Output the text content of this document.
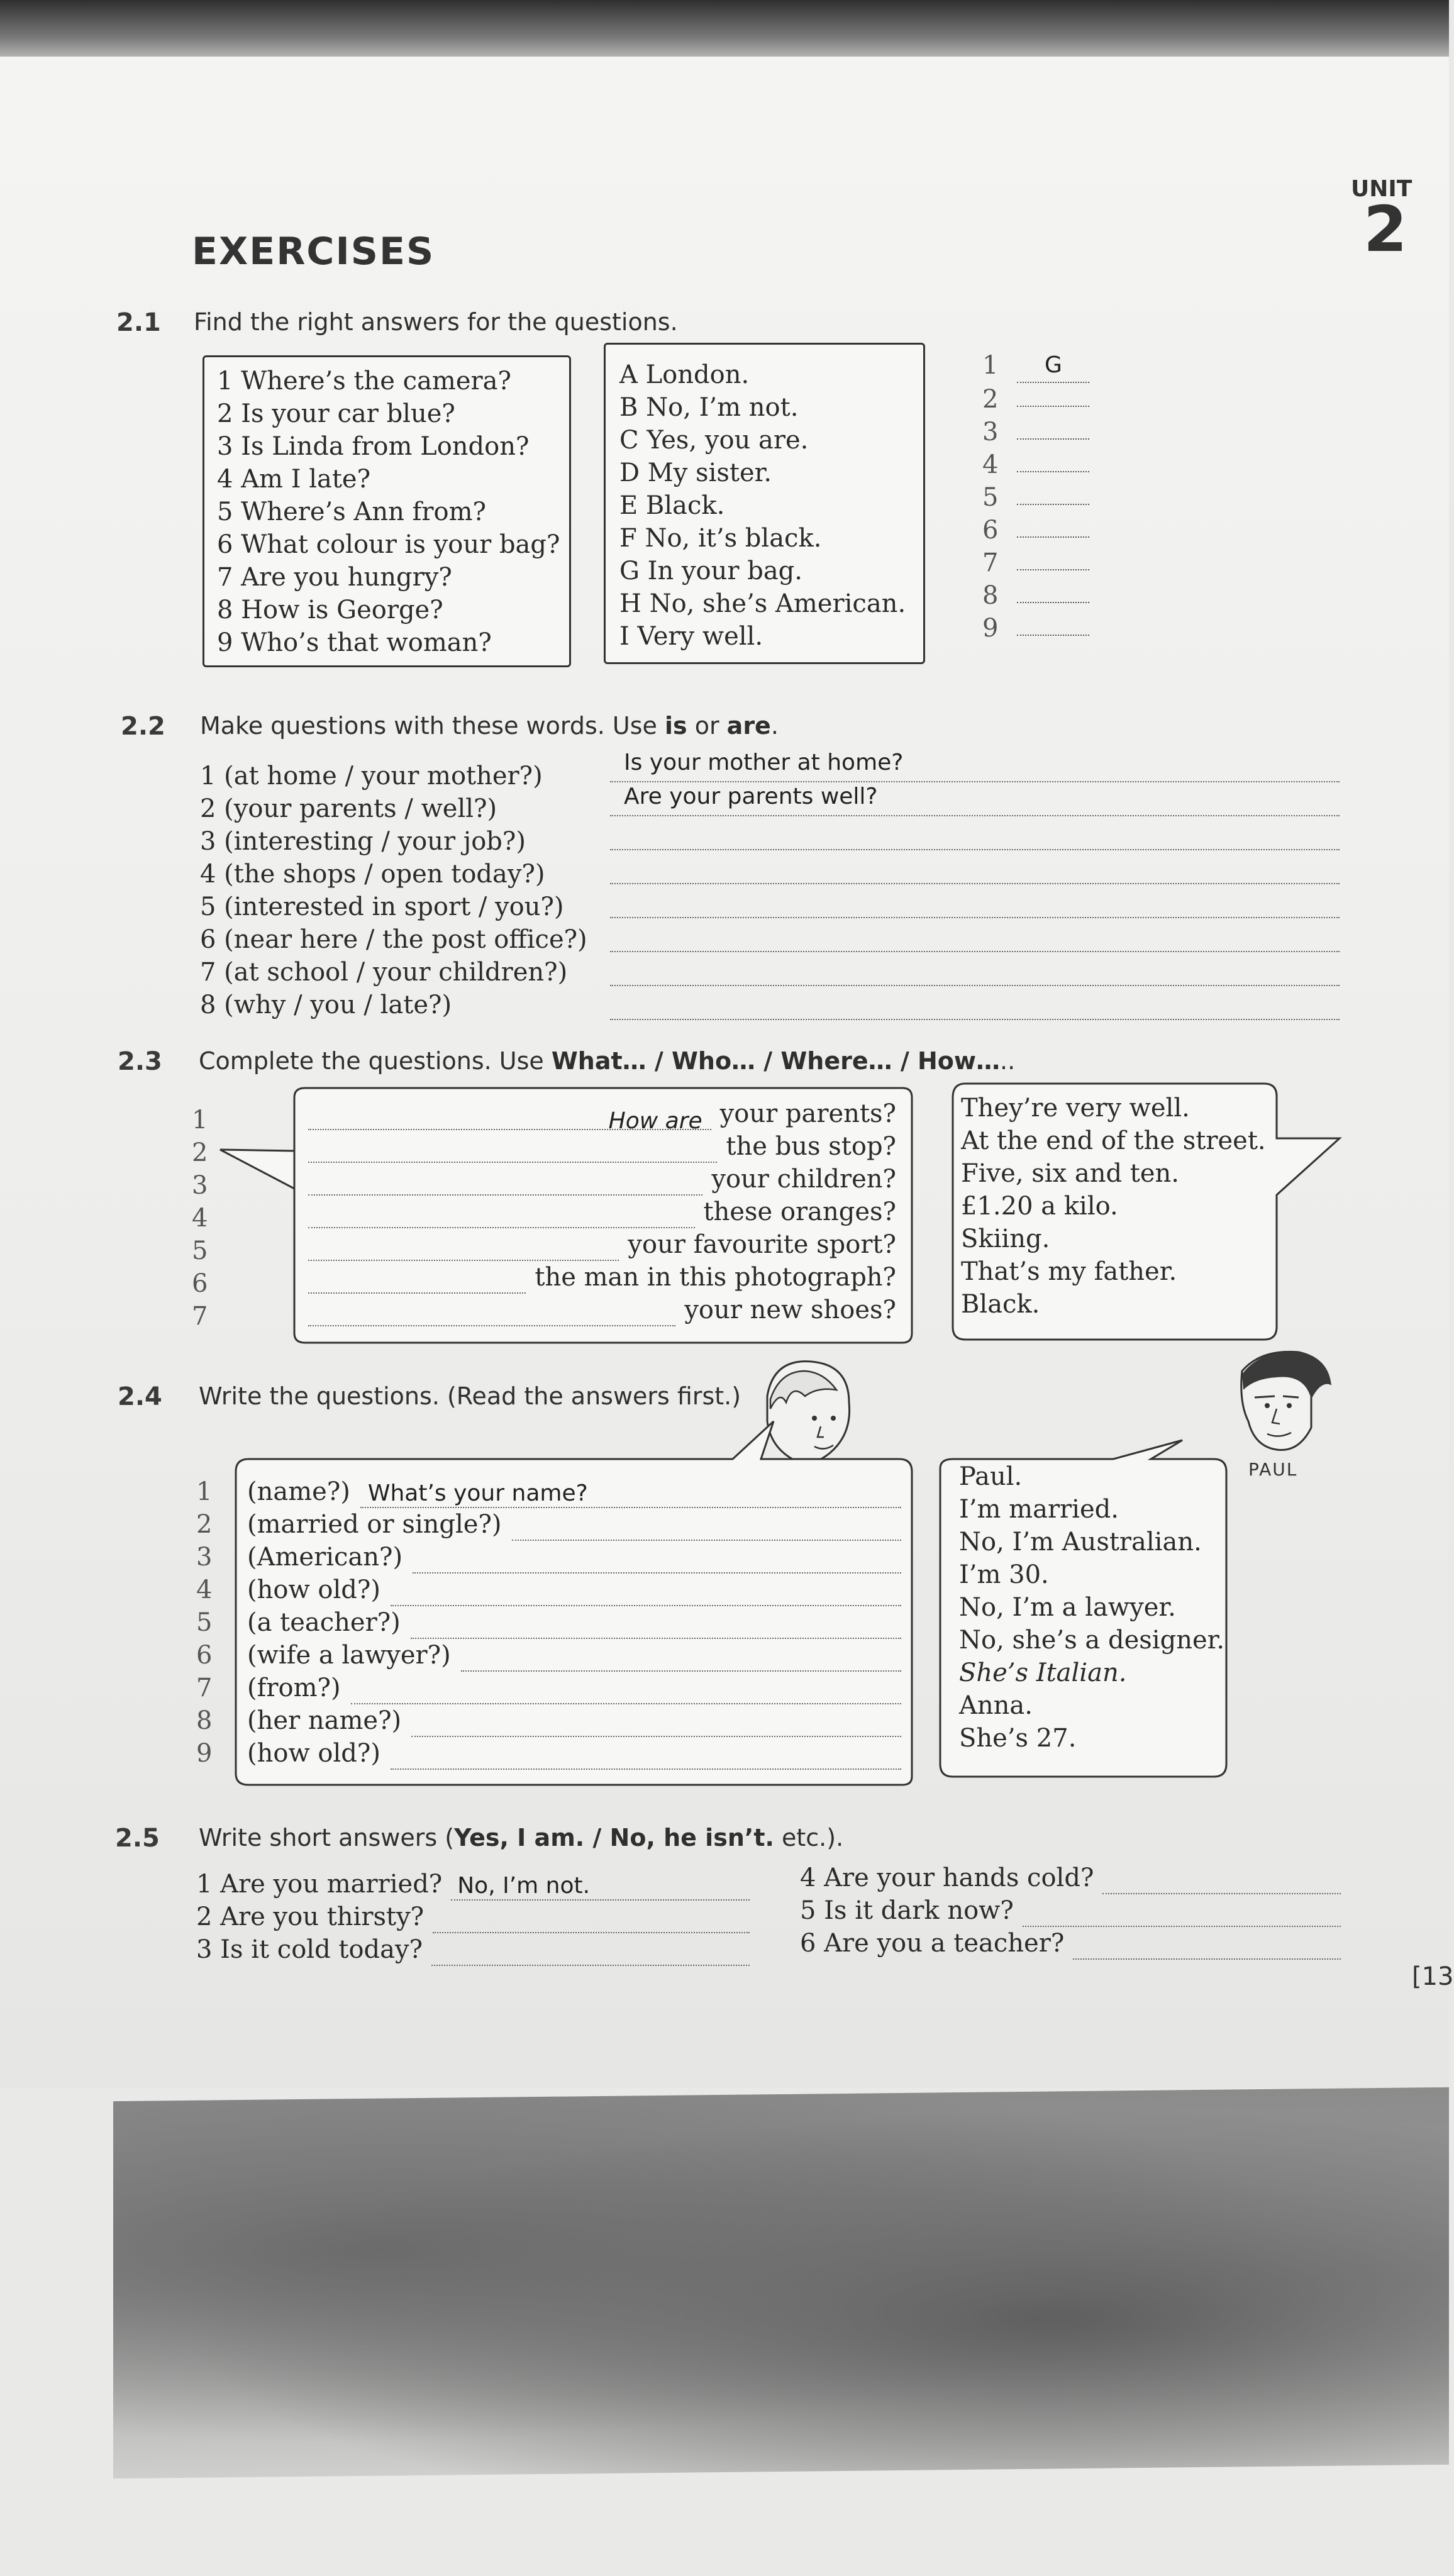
UNIT
2
EXERCISES
2.1 Find the right answers for the questions.
1 Where’s the camera?
2 Is your car blue?
3 Is Linda from London?
4 Am I late?
5 Where’s Ann from?
6 What colour is your bag?
7 Are you hungry?
8 How is George?
9 Who’s that woman?
A London.
B No, I’m not.
C Yes, you are.
D My sister.
E Black.
F No, it’s black.
G In your bag.
H No, she’s American.
I Very well.
1	G
2
3
4
5
6
7
8
9
2.2 Make questions with these words. Use is or are.
1 (at home / your mother?)
2 (your parents / well?)
3 (interesting / your job?)
4 (the shops / open today?)
5 (interested in sport / you?)
6 (near here / the post office?)
7 (at school / your children?)
8 (why / you / late?)
Is your mother at home?
Are your parents well?
2.3 Complete the questions. Use What… / Who… / Where… / How…..
1
2
3
4
5
6
7
How are your parents?
the bus stop?
your children?
these oranges?
your favourite sport?
the man in this photograph?
your new shoes?
They’re very well.
At the end of the street.
Five, six and ten.
£1.20 a kilo.
Skiing.
That’s my father.
Black.
2.4 Write the questions. (Read the answers first.)
PAUL
1
2
3
4
5
6
7
8
9
(name?) What’s your name?
(married or single?)
(American?)
(how old?)
(a teacher?)
(wife a lawyer?)
(from?)
(her name?)
(how old?)
Paul.
I’m married.
No, I’m Australian.
I’m 30.
No, I’m a lawyer.
No, she’s a designer.
She’s Italian.
Anna.
She’s 27.
2.5 Write short answers (Yes, I am. / No, he isn’t. etc.).
1 Are you married? No, I’m not.
2 Are you thirsty?
3 Is it cold today?
4 Are your hands cold?
5 Is it dark now?
6 Are you a teacher?
[13
